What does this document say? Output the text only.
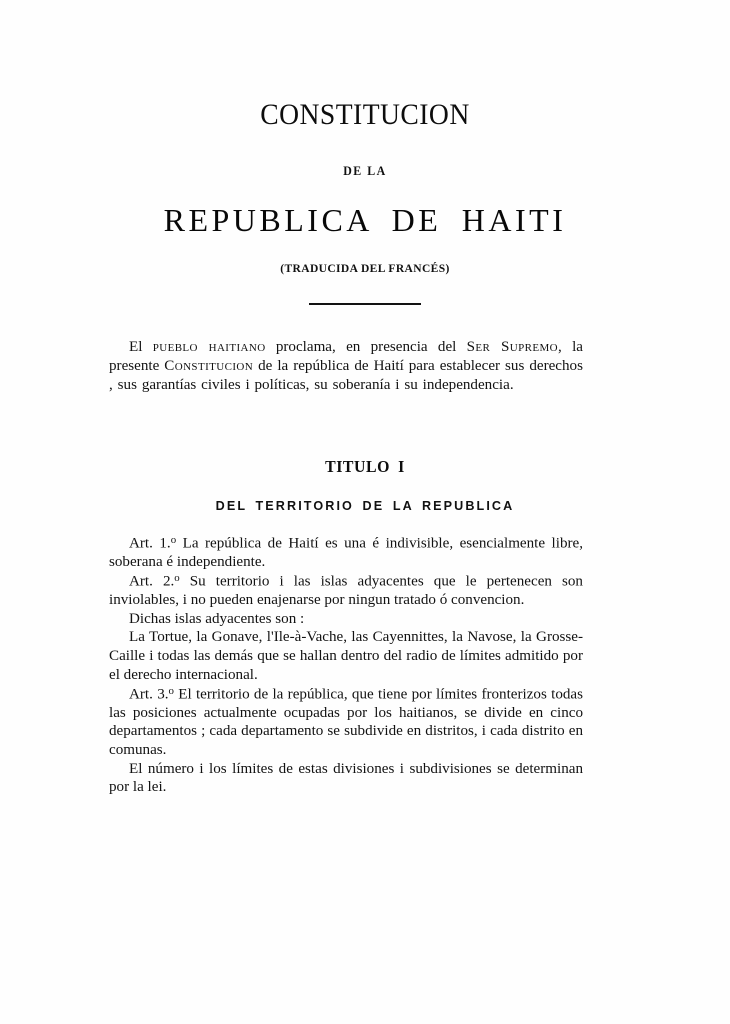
CONSTITUCION
DE LA
REPUBLICA DE HAITI
(TRADUCIDA DEL FRANCÉS)

El pueblo haitiano proclama, en presencia del Ser Supremo, la presente Constitucion de la república de Haití para establecer sus derechos , sus garantías civiles i políticas, su soberanía i su independencia.

TITULO I
DEL TERRITORIO DE LA REPUBLICA

Art. 1.$^o$ La república de Haití es una é indivisible, esencialmente libre, soberana é independiente.

Art. 2.$^o$ Su territorio i las islas adyacentes que le pertenecen son inviolables, i no pueden enajenarse por ningun tratado ó convencion.

Dichas islas adyacentes son :

La Tortue, la Gonave, l'Ile-à-Vache, las Cayennittes, la Navose, la Grosse-Caille i todas las demás que se hallan dentro del radio de límites admitido por el derecho internacional.

Art. 3.$^o$ El territorio de la república, que tiene por límites fronterizos todas las posiciones actualmente ocupadas por los haitianos, se divide en cinco departamentos ; cada departamento se subdivide en distritos, i cada distrito en comunas.

El número i los límites de estas divisiones i subdivisiones se determinan por la lei.
